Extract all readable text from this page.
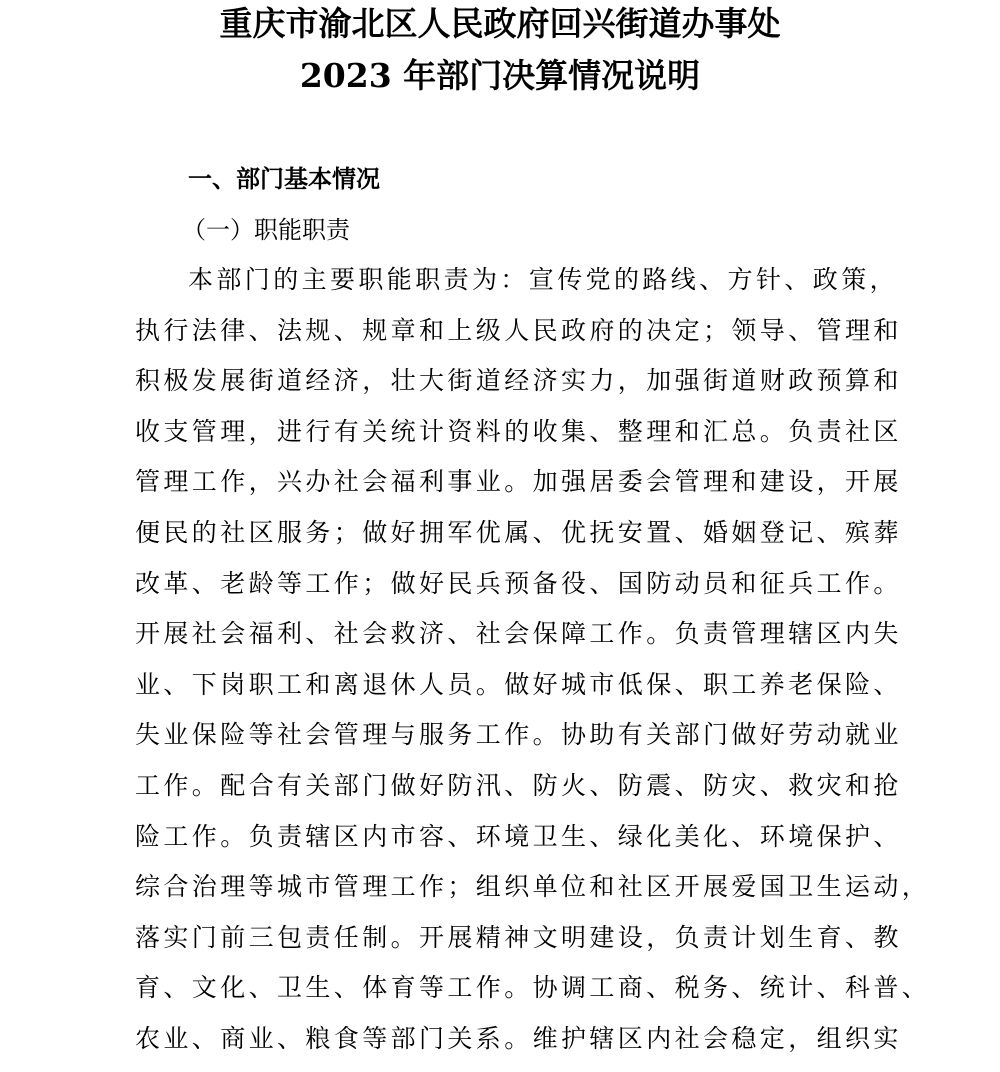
重庆市渝北区人民政府回兴街道办事处
2023 年部门决算情况说明
一、部门基本情况
（一）职能职责
本部门的主要职能职责为：宣传党的路线、方针、政策，
执行法律、法规、规章和上级人民政府的决定；领导、管理和
积极发展街道经济，壮大街道经济实力，加强街道财政预算和
收支管理，进行有关统计资料的收集、整理和汇总。负责社区
管理工作，兴办社会福利事业。加强居委会管理和建设，开展
便民的社区服务；做好拥军优属、优抚安置、婚姻登记、殡葬
改革、老龄等工作；做好民兵预备役、国防动员和征兵工作。
开展社会福利、社会救济、社会保障工作。负责管理辖区内失
业、下岗职工和离退休人员。做好城市低保、职工养老保险、
失业保险等社会管理与服务工作。协助有关部门做好劳动就业
工作。配合有关部门做好防汛、防火、防震、防灾、救灾和抢
险工作。负责辖区内市容、环境卫生、绿化美化、环境保护、
综合治理等城市管理工作；组织单位和社区开展爱国卫生运动，
落实门前三包责任制。开展精神文明建设，负责计划生育、教
育、文化、卫生、体育等工作。协调工商、税务、统计、科普、
农业、商业、粮食等部门关系。维护辖区内社会稳定，组织实
